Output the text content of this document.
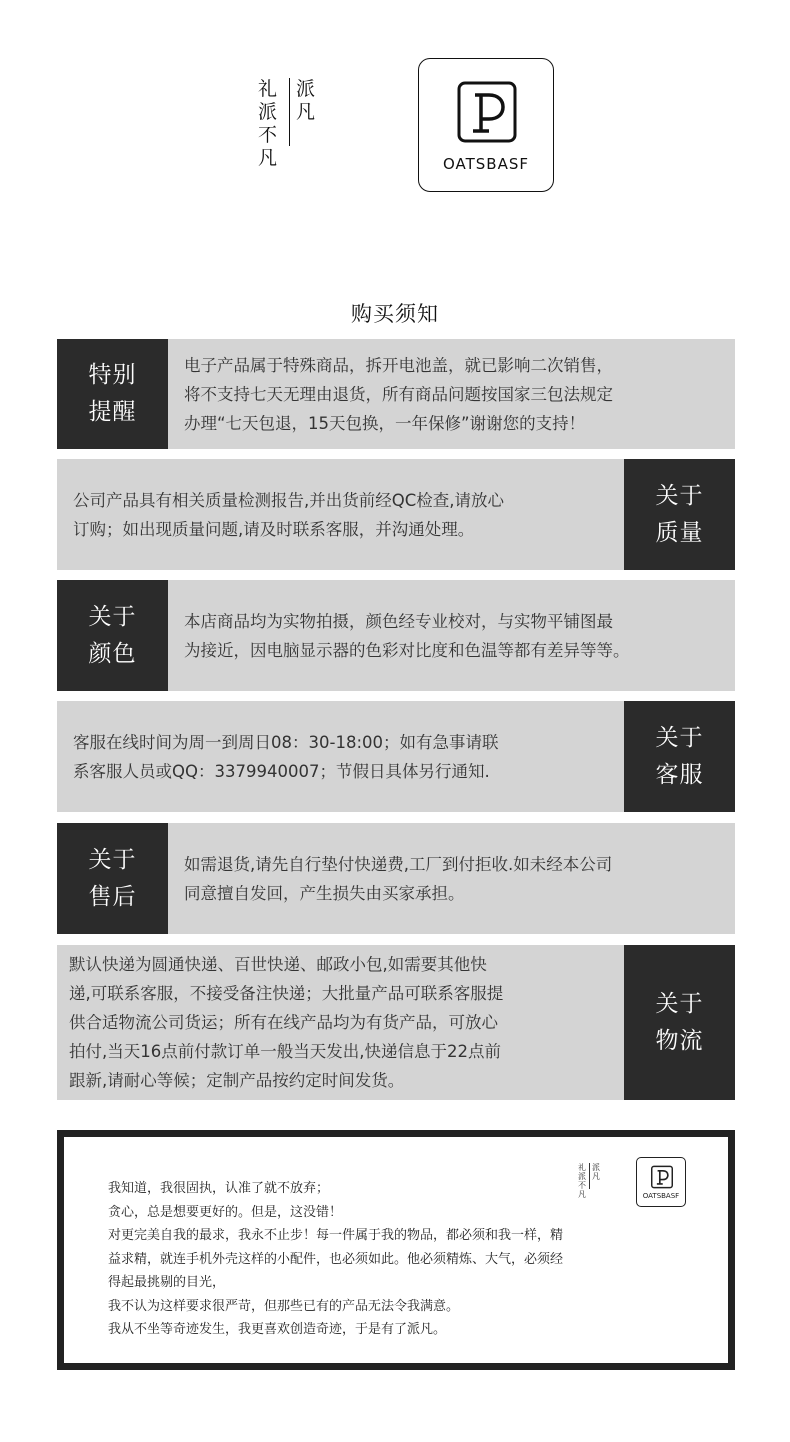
礼
派
不
凡
派
凡
OATSBASF
购买须知
特别
提醒

电子产品属于特殊商品，拆开电池盖，就已影响二次销售，

将不支持七天无理由退货，所有商品问题按国家三包法规定

办理“七天包退，15天包换，一年保修”谢谢您的支持！

公司产品具有相关质量检测报告,并出货前经QC检查,请放心

订购；如出现质量问题,请及时联系客服，并沟通处理。

关于
质量
关于
颜色

本店商品均为实物拍摄，颜色经专业校对，与实物平铺图最

为接近，因电脑显示器的色彩对比度和色温等都有差异等等。

客服在线时间为周一到周日08：30-18:00；如有急事请联

系客服人员或QQ：3379940007；节假日具体另行通知.

关于
客服
关于
售后

如需退货,请先自行垫付快递费,工厂到付拒收.如未经本公司

同意擅自发回，产生损失由买家承担。

默认快递为圆通快递、百世快递、邮政小包,如需要其他快

递,可联系客服，不接受备注快递；大批量产品可联系客服提

供合适物流公司货运；所有在线产品均为有货产品，可放心

拍付,当天16点前付款订单一般当天发出,快递信息于22点前

跟新,请耐心等候；定制产品按约定时间发货。

关于
物流
礼
派
不
凡
派
凡
OATSBASF

我知道，我很固执，认准了就不放弃；

贪心，总是想要更好的。但是，这没错！

对更完美自我的最求，我永不止步！每一件属于我的物品，都必须和我一样，精

益求精，就连手机外壳这样的小配件，也必须如此。他必须精炼、大气，必须经

得起最挑剔的目光，

我不认为这样要求很严苛，但那些已有的产品无法令我满意。

我从不坐等奇迹发生，我更喜欢创造奇迹，于是有了派凡。
